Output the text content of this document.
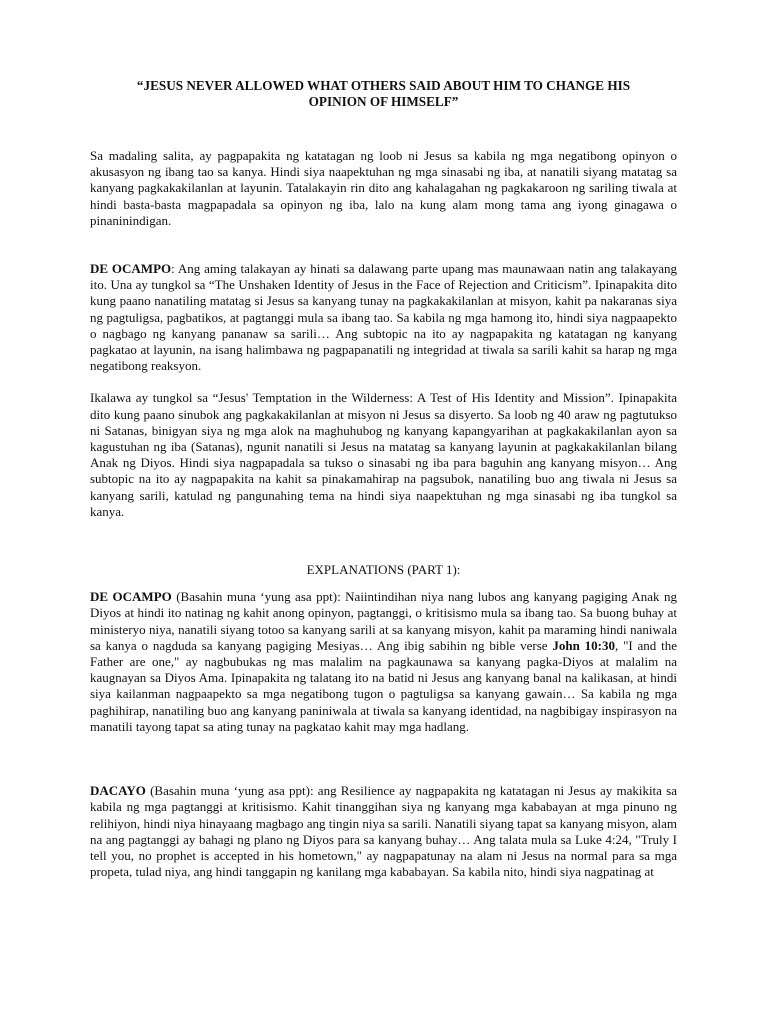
“JESUS NEVER ALLOWED WHAT OTHERS SAID ABOUT HIM TO CHANGE HIS OPINION OF HIMSELF”

Sa madaling salita, ay pagpapakita ng katatagan ng loob ni Jesus sa kabila ng mga negatibong opinyon o akusasyon ng ibang tao sa kanya. Hindi siya naapektuhan ng mga sinasabi ng iba, at nanatili siyang matatag sa kanyang pagkakakilanlan at layunin. Tatalakayin rin dito ang kahalagahan ng pagkakaroon ng sariling tiwala at hindi basta-basta magpapadala sa opinyon ng iba, lalo na kung alam mong tama ang iyong ginagawa o pinaninindigan.

DE OCAMPO: Ang aming talakayan ay hinati sa dalawang parte upang mas maunawaan natin ang talakayang ito. Una ay tungkol sa “The Unshaken Identity of Jesus in the Face of Rejection and Criticism”. Ipinapakita dito kung paano nanatiling matatag si Jesus sa kanyang tunay na pagkakakilanlan at misyon, kahit pa nakaranas siya ng pagtuligsa, pagbatikos, at pagtanggi mula sa ibang tao. Sa kabila ng mga hamong ito, hindi siya nagpaapekto o nagbago ng kanyang pananaw sa sarili… Ang subtopic na ito ay nagpapakita ng katatagan ng kanyang pagkatao at layunin, na isang halimbawa ng pagpapanatili ng integridad at tiwala sa sarili kahit sa harap ng mga negatibong reaksyon.

Ikalawa ay tungkol sa “Jesus' Temptation in the Wilderness: A Test of His Identity and Mission”. Ipinapakita dito kung paano sinubok ang pagkakakilanlan at misyon ni Jesus sa disyerto. Sa loob ng 40 araw ng pagtutukso ni Satanas, binigyan siya ng mga alok na maghuhubog ng kanyang kapangyarihan at pagkakakilanlan ayon sa kagustuhan ng iba (Satanas), ngunit nanatili si Jesus na matatag sa kanyang layunin at pagkakakilanlan bilang Anak ng Diyos. Hindi siya nagpapadala sa tukso o sinasabi ng iba para baguhin ang kanyang misyon… Ang subtopic na ito ay nagpapakita na kahit sa pinakamahirap na pagsubok, nanatiling buo ang tiwala ni Jesus sa kanyang sarili, katulad ng pangunahing tema na hindi siya naapektuhan ng mga sinasabi ng iba tungkol sa kanya.

EXPLANATIONS (PART 1):

DE OCAMPO (Basahin muna ‘yung asa ppt): Naiintindihan niya nang lubos ang kanyang pagiging Anak ng Diyos at hindi ito natinag ng kahit anong opinyon, pagtanggi, o kritisismo mula sa ibang tao. Sa buong buhay at ministeryo niya, nanatili siyang totoo sa kanyang sarili at sa kanyang misyon, kahit pa maraming hindi naniwala sa kanya o nagduda sa kanyang pagiging Mesiyas… Ang ibig sabihin ng bible verse John 10:30, "I and the Father are one," ay nagbubukas ng mas malalim na pagkaunawa sa kanyang pagka-Diyos at malalim na kaugnayan sa Diyos Ama. Ipinapakita ng talatang ito na batid ni Jesus ang kanyang banal na kalikasan, at hindi siya kailanman nagpaapekto sa mga negatibong tugon o pagtuligsa sa kanyang gawain… Sa kabila ng mga paghihirap, nanatiling buo ang kanyang paniniwala at tiwala sa kanyang identidad, na nagbibigay inspirasyon na manatili tayong tapat sa ating tunay na pagkatao kahit may mga hadlang.

DACAYO (Basahin muna ‘yung asa ppt): ang Resilience ay nagpapakita ng katatagan ni Jesus ay makikita sa kabila ng mga pagtanggi at kritisismo. Kahit tinanggihan siya ng kanyang mga kababayan at mga pinuno ng relihiyon, hindi niya hinayaang magbago ang tingin niya sa sarili. Nanatili siyang tapat sa kanyang misyon, alam na ang pagtanggi ay bahagi ng plano ng Diyos para sa kanyang buhay… Ang talata mula sa Luke 4:24, "Truly I tell you, no prophet is accepted in his hometown," ay nagpapatunay na alam ni Jesus na normal para sa mga propeta, tulad niya, ang hindi tanggapin ng kanilang mga kababayan. Sa kabila nito, hindi siya nagpatinag at
